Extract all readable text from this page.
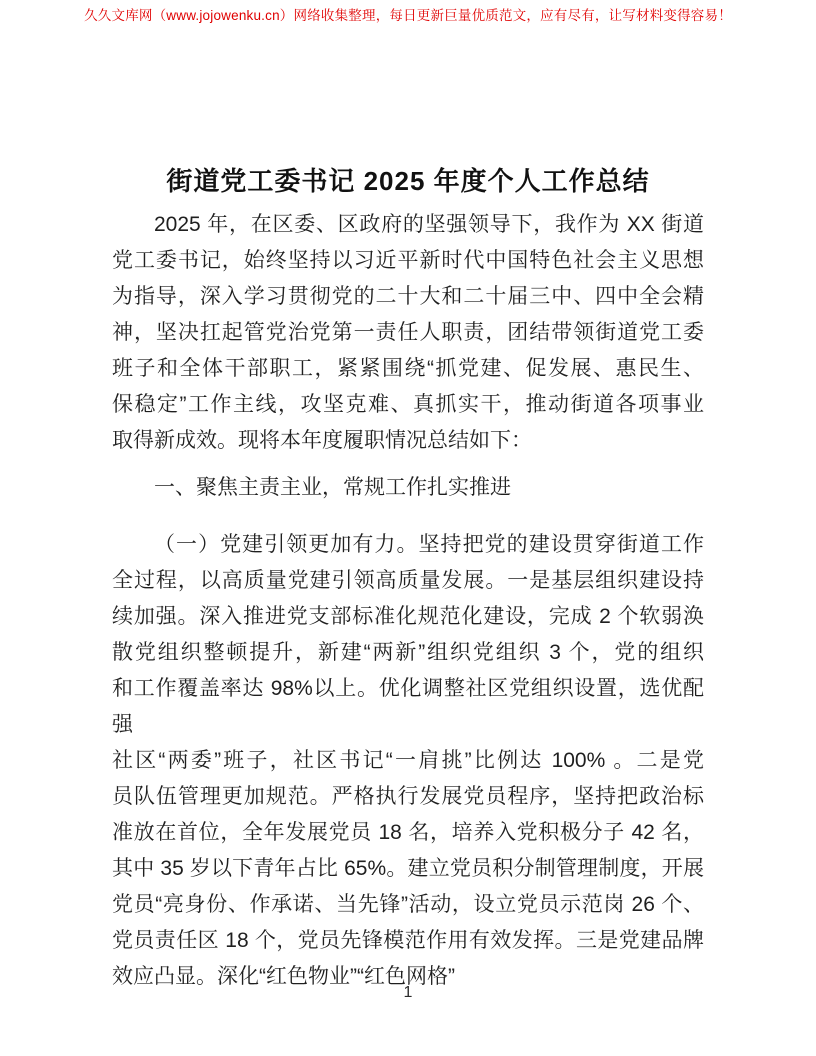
久久文库网（www.jojowenku.cn）网络收集整理，每日更新巨量优质范文，应有尽有，让写材料变得容易！
街道党工委书记 2025 年度个人工作总结
2025 年，在区委、区政府的坚强领导下，我作为 XX 街道
党工委书记，始终坚持以习近平新时代中国特色社会主义思想
为指导，深入学习贯彻党的二十大和二十届三中、四中全会精
神，坚决扛起管党治党第一责任人职责，团结带领街道党工委
班子和全体干部职工，紧紧围绕“抓党建、促发展、惠民生、
保稳定”工作主线，攻坚克难、真抓实干，推动街道各项事业
取得新成效。现将本年度履职情况总结如下：
一、聚焦主责主业，常规工作扎实推进
（一）党建引领更加有力。坚持把党的建设贯穿街道工作
全过程，以高质量党建引领高质量发展。一是基层组织建设持
续加强。深入推进党支部标准化规范化建设，完成 2 个软弱涣
散党组织整顿提升，新建“两新”组织党组织 3 个，党的组织
和工作覆盖率达 98%以上。优化调整社区党组织设置，选优配强
社区“两委”班子，社区书记“一肩挑”比例达 100% 。二是党
员队伍管理更加规范。严格执行发展党员程序，坚持把政治标
准放在首位，全年发展党员 18 名，培养入党积极分子 42 名，
其中 35 岁以下青年占比 65%。建立党员积分制管理制度，开展
党员“亮身份、作承诺、当先锋”活动，设立党员示范岗 26 个、
党员责任区 18 个，党员先锋模范作用有效发挥。三是党建品牌
效应凸显。深化“红色物业”“红色网格”
1
